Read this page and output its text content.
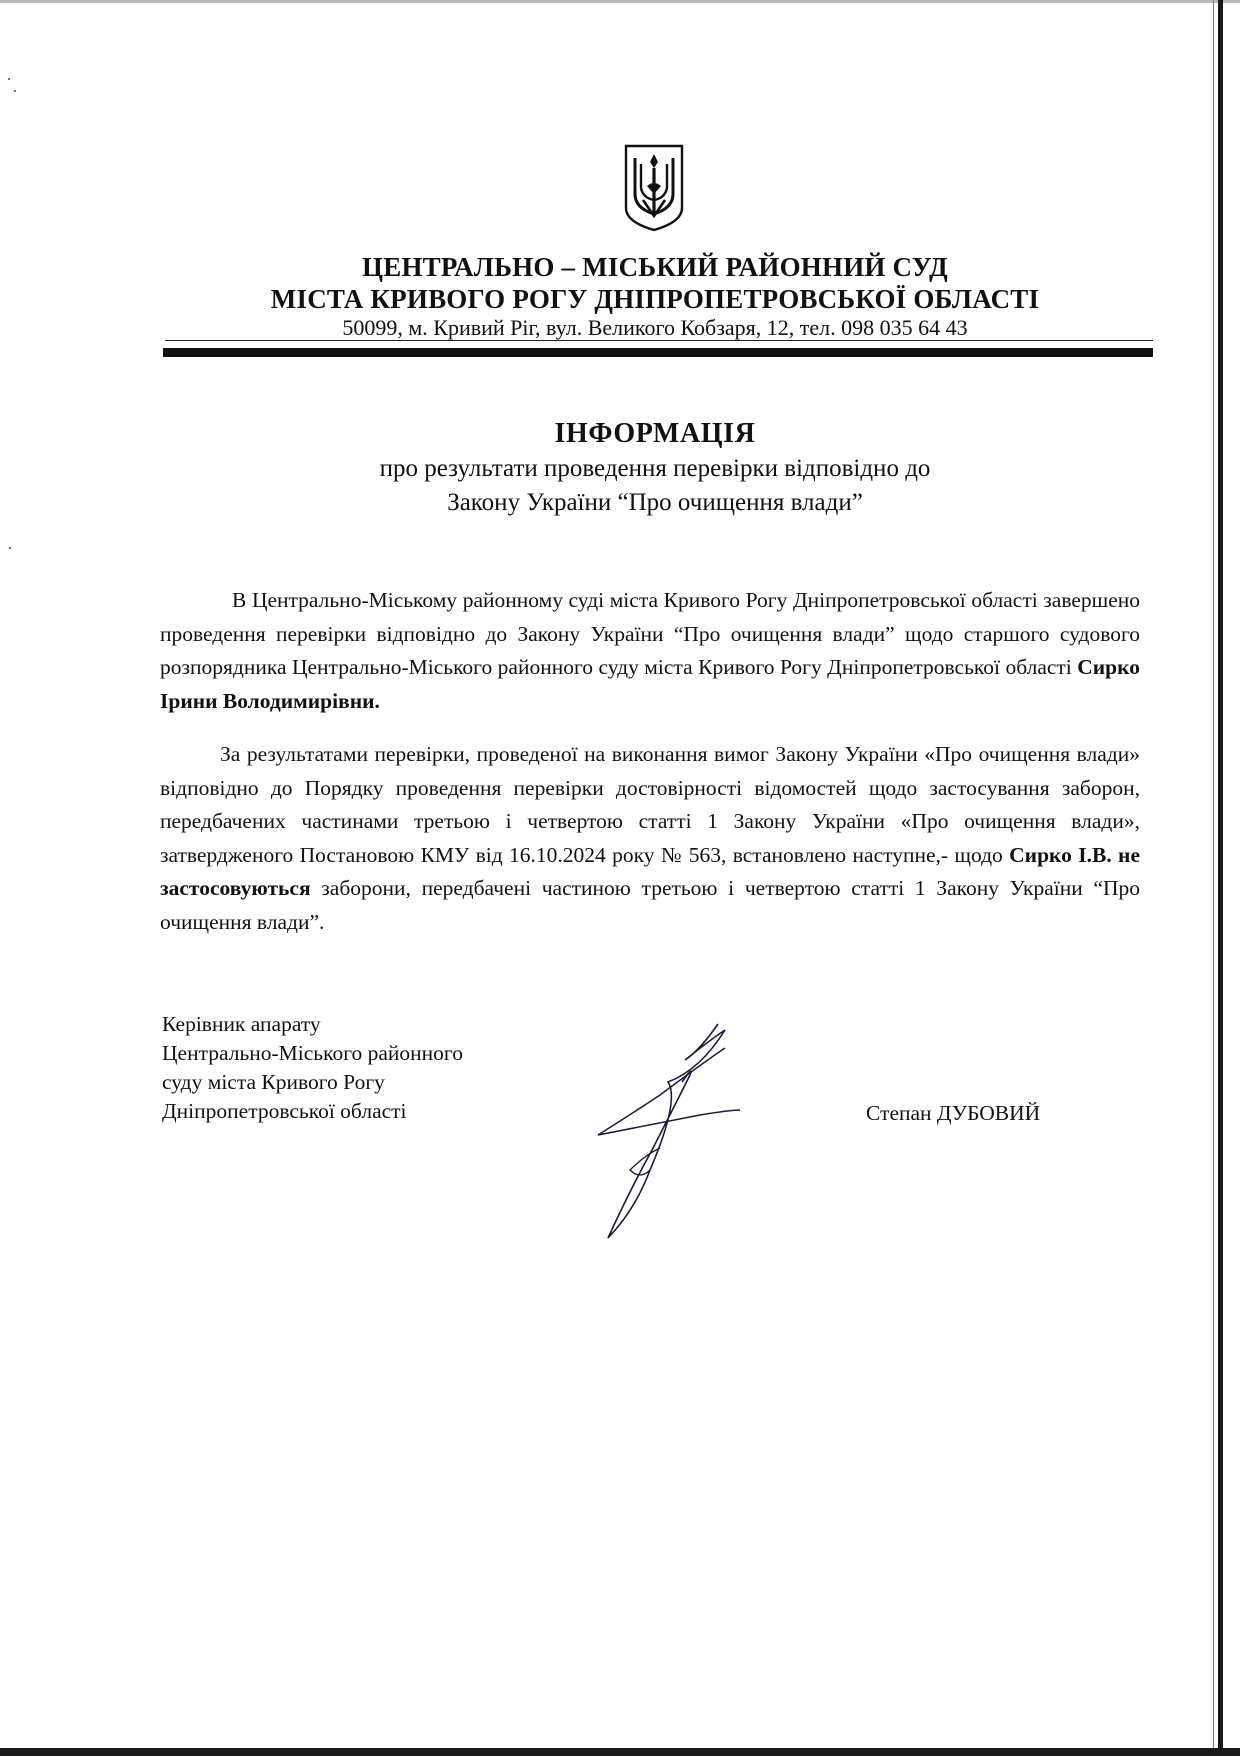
ЦЕНТРАЛЬНО – МІСЬКИЙ РАЙОННИЙ СУД
МІСТА КРИВОГО РОГУ ДНІПРОПЕТРОВСЬКОЇ ОБЛАСТІ
50099, м. Кривий Ріг, вул. Великого Кобзаря, 12, тел. 098 035 64 43
ІНФОРМАЦІЯ
про результати проведення перевірки відповідно до
Закону України “Про очищення влади”

В Центрально-Міському районному суді міста Кривого Рогу Дніпропетровської області завершено проведення перевірки відповідно до Закону України “Про очищення влади” щодо старшого судового розпорядника Центрально-Міського районного суду міста Кривого Рогу Дніпропетровської області Сирко Ірини Володимирівни.

За результатами перевірки, проведеної на виконання вимог Закону України «Про очищення влади» відповідно до Порядку проведення перевірки достовірності відомостей щодо застосування заборон, передбачених частинами третьою і четвертою статті 1 Закону України «Про очищення влади», затвердженого Постановою КМУ від 16.10.2024 року № 563, встановлено наступне,- щодо Сирко І.В. не застосовуються заборони, передбачені частиною третьою і четвертою статті 1 Закону України “Про очищення влади”.

Керівник апарату
Центрально-Міського районного
суду міста Кривого Рогу
Дніпропетровської області	Степан ДУБОВИЙ
